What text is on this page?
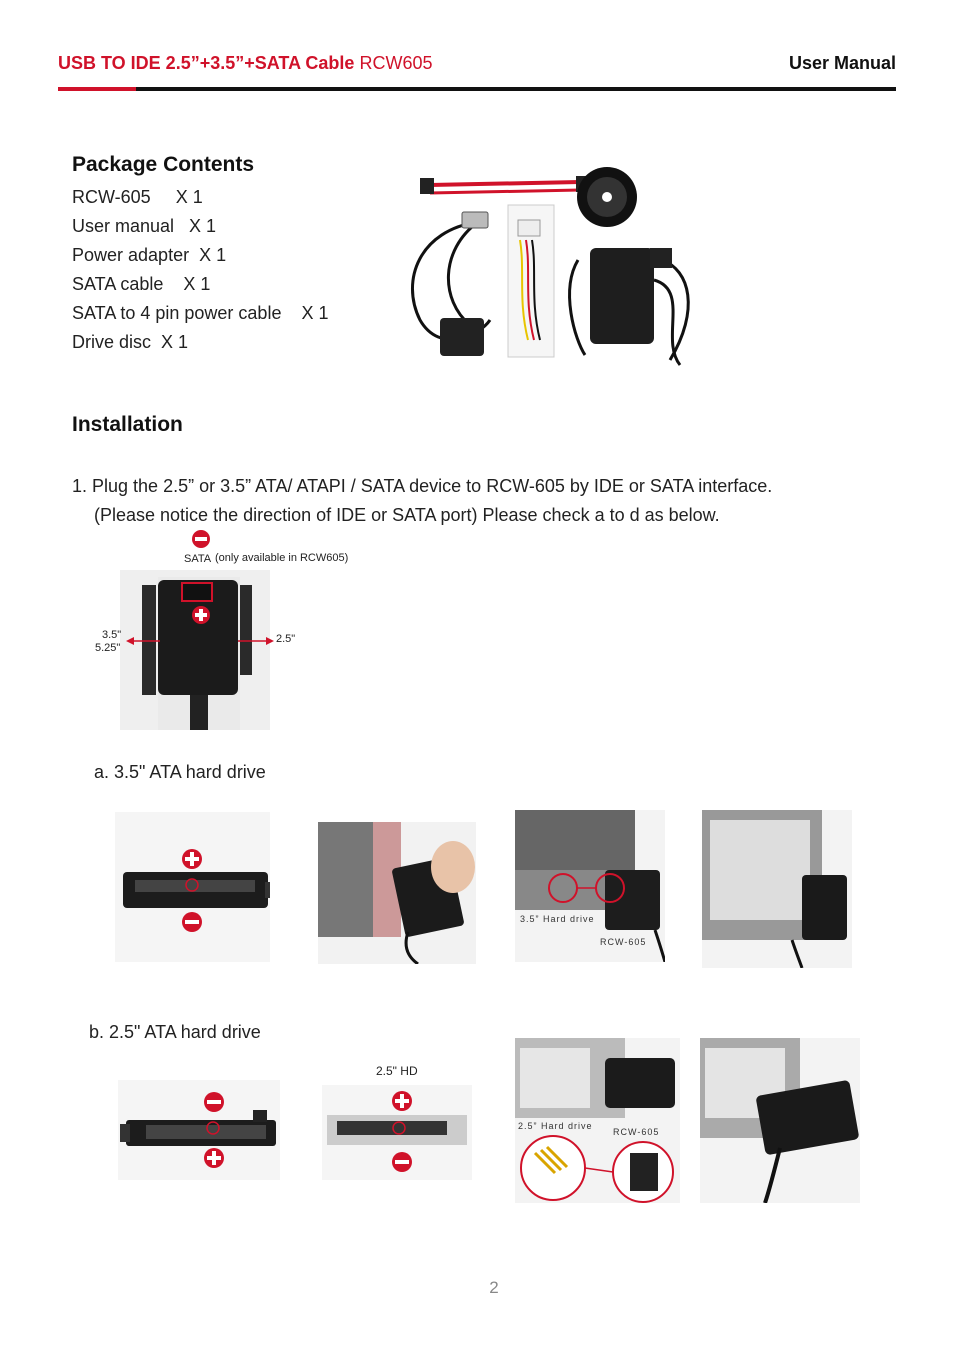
USB TO IDE 2.5”+3.5”+SATA Cable RCW605	User Manual
Package Contents
RCW-605     X 1
User manual   X 1
Power adapter  X 1
SATA cable    X 1
SATA to 4 pin power cable    X 1
Drive disc  X 1
Installation
1. Plug the 2.5” or 3.5” ATA/ ATAPI / SATA device to RCW-605 by IDE or SATA interface.
(Please notice the direction of IDE or SATA port) Please check a to d as below.
SATA (only available in RCW605)
3.5"
5.25"
2.5"
a. 3.5" ATA hard drive
3.5” Hard drive
RCW-605
b. 2.5" ATA hard drive
2.5" HD
2.5” Hard drive
RCW-605
2
